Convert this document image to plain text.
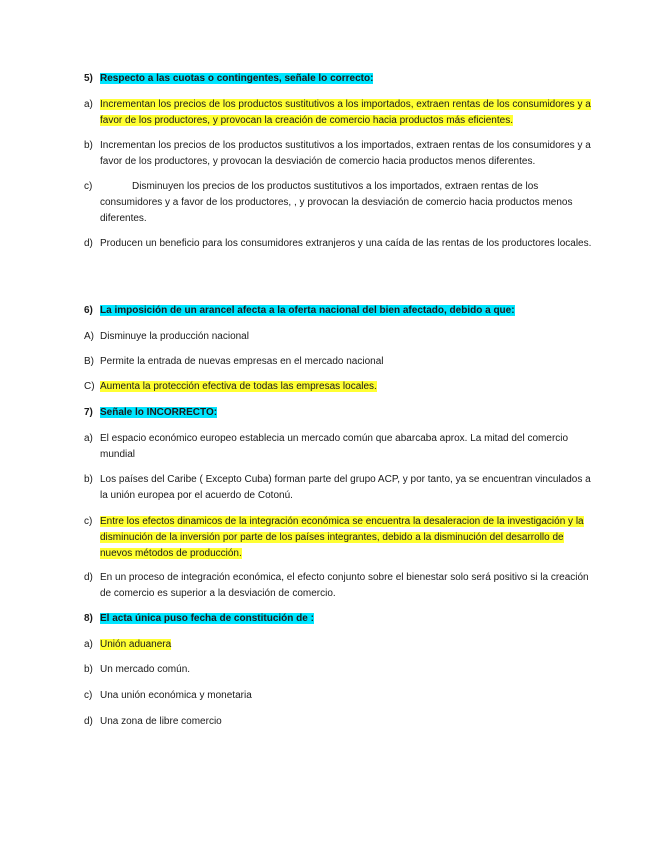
5) Respecto a las cuotas o contingentes, señale lo correcto:
a) Incrementan los precios de los productos sustitutivos a los importados, extraen rentas de los consumidores y a favor de los productores, y provocan la creación de comercio hacia productos más eficientes.
b) Incrementan los precios de los productos sustitutivos a los importados, extraen rentas de los consumidores y a favor de los productores, y provocan la desviación de comercio hacia productos menos diferentes.
c)	Disminuyen los precios de los productos sustitutivos a los importados, extraen rentas de los consumidores y a favor de los productores, , y provocan la desviación de comercio hacia productos menos diferentes.
d) Producen un beneficio para los consumidores extranjeros y una caída de las rentas de los productores locales.
6) La imposición de un arancel afecta a la oferta nacional del bien afectado, debido a que:
A) Disminuye la producción nacional
B) Permite la entrada de nuevas empresas en el mercado nacional
C) Aumenta la protección efectiva de todas las empresas locales.
7) Señale lo INCORRECTO:
a) El espacio económico europeo establecia un mercado común que abarcaba aprox. La mitad del comercio mundial
b) Los países del Caribe ( Excepto Cuba) forman parte del grupo ACP, y por tanto, ya se encuentran vinculados a la unión europea por el acuerdo de Cotonú.
c) Entre los efectos dinamicos de la integración económica se encuentra la desaleracion de la investigación y la disminución de la inversión por parte de los países integrantes, debido a la disminución del desarrollo de nuevos métodos de producción.
d) En un proceso de integración económica, el efecto conjunto sobre el bienestar solo será positivo si la creación de comercio es superior a la desviación de comercio.
8) El acta única puso fecha de constitución de :
a) Unión aduanera
b) Un mercado común.
c) Una unión económica y monetaria
d) Una zona de libre comercio
